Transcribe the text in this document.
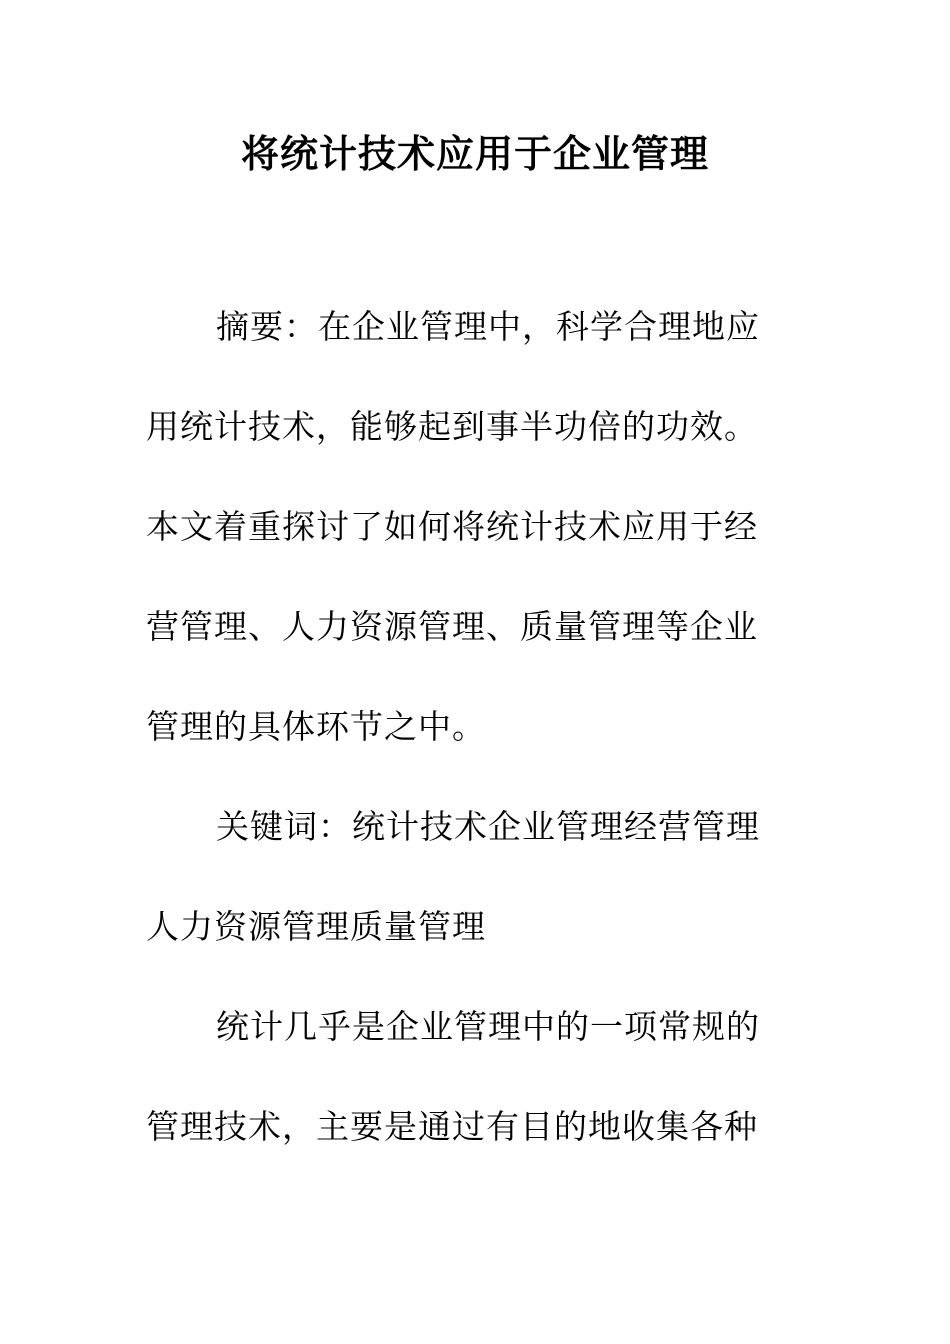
将统计技术应用于企业管理
摘要：在企业管理中，科学合理地应
用统计技术，能够起到事半功倍的功效。
本文着重探讨了如何将统计技术应用于经
营管理、人力资源管理、质量管理等企业
管理的具体环节之中。
关键词：统计技术企业管理经营管理
人力资源管理质量管理
统计几乎是企业管理中的一项常规的
管理技术，主要是通过有目的地收集各种
